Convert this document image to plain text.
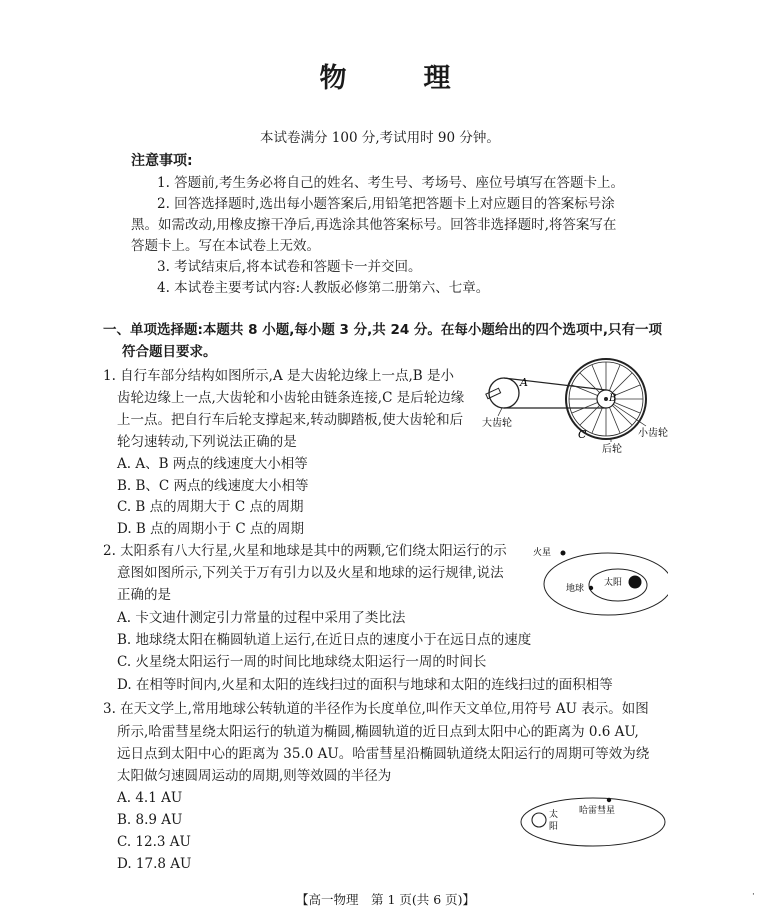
物	理
本试卷满分 100 分,考试用时 90 分钟。
注意事项:
1. 答题前,考生务必将自己的姓名、考生号、考场号、座位号填写在答题卡上。
2. 回答选择题时,选出每小题答案后,用铅笔把答题卡上对应题目的答案标号涂
黑。如需改动,用橡皮擦干净后,再选涂其他答案标号。回答非选择题时,将答案写在
答题卡上。写在本试卷上无效。
3. 考试结束后,将本试卷和答题卡一并交回。
4. 本试卷主要考试内容:人教版必修第二册第六、七章。
一、单项选择题:本题共 8 小题,每小题 3 分,共 24 分。在每小题给出的四个选项中,只有一项
符合题目要求。
1. 自行车部分结构如图所示,A 是大齿轮边缘上一点,B 是小
齿轮边缘上一点,大齿轮和小齿轮由链条连接,C 是后轮边缘
上一点。把自行车后轮支撑起来,转动脚踏板,使大齿轮和后
轮匀速转动,下列说法正确的是
A. A、B 两点的线速度大小相等
B. B、C 两点的线速度大小相等
C. B 点的周期大于 C 点的周期
D. B 点的周期小于 C 点的周期
A
B
C
大齿轮
小齿轮
后轮
2. 太阳系有八大行星,火星和地球是其中的两颗,它们绕太阳运行的示
意图如图所示,下列关于万有引力以及火星和地球的运行规律,说法
正确的是
A. 卡文迪什测定引力常量的过程中采用了类比法
B. 地球绕太阳在椭圆轨道上运行,在近日点的速度小于在远日点的速度
C. 火星绕太阳运行一周的时间比地球绕太阳运行一周的时间长
D. 在相等时间内,火星和太阳的连线扫过的面积与地球和太阳的连线扫过的面积相等
火星
地球
太阳
3. 在天文学上,常用地球公转轨道的半径作为长度单位,叫作天文单位,用符号 AU 表示。如图
所示,哈雷彗星绕太阳运行的轨道为椭圆,椭圆轨道的近日点到太阳中心的距离为 0.6 AU,
远日点到太阳中心的距离为 35.0 AU。哈雷彗星沿椭圆轨道绕太阳运行的周期可等效为绕
太阳做匀速圆周运动的周期,则等效圆的半径为
A. 4.1 AU
B. 8.9 AU
C. 12.3 AU
D. 17.8 AU
太
阳
哈雷彗星
【高一物理　第 1 页(共 6 页)】	·
